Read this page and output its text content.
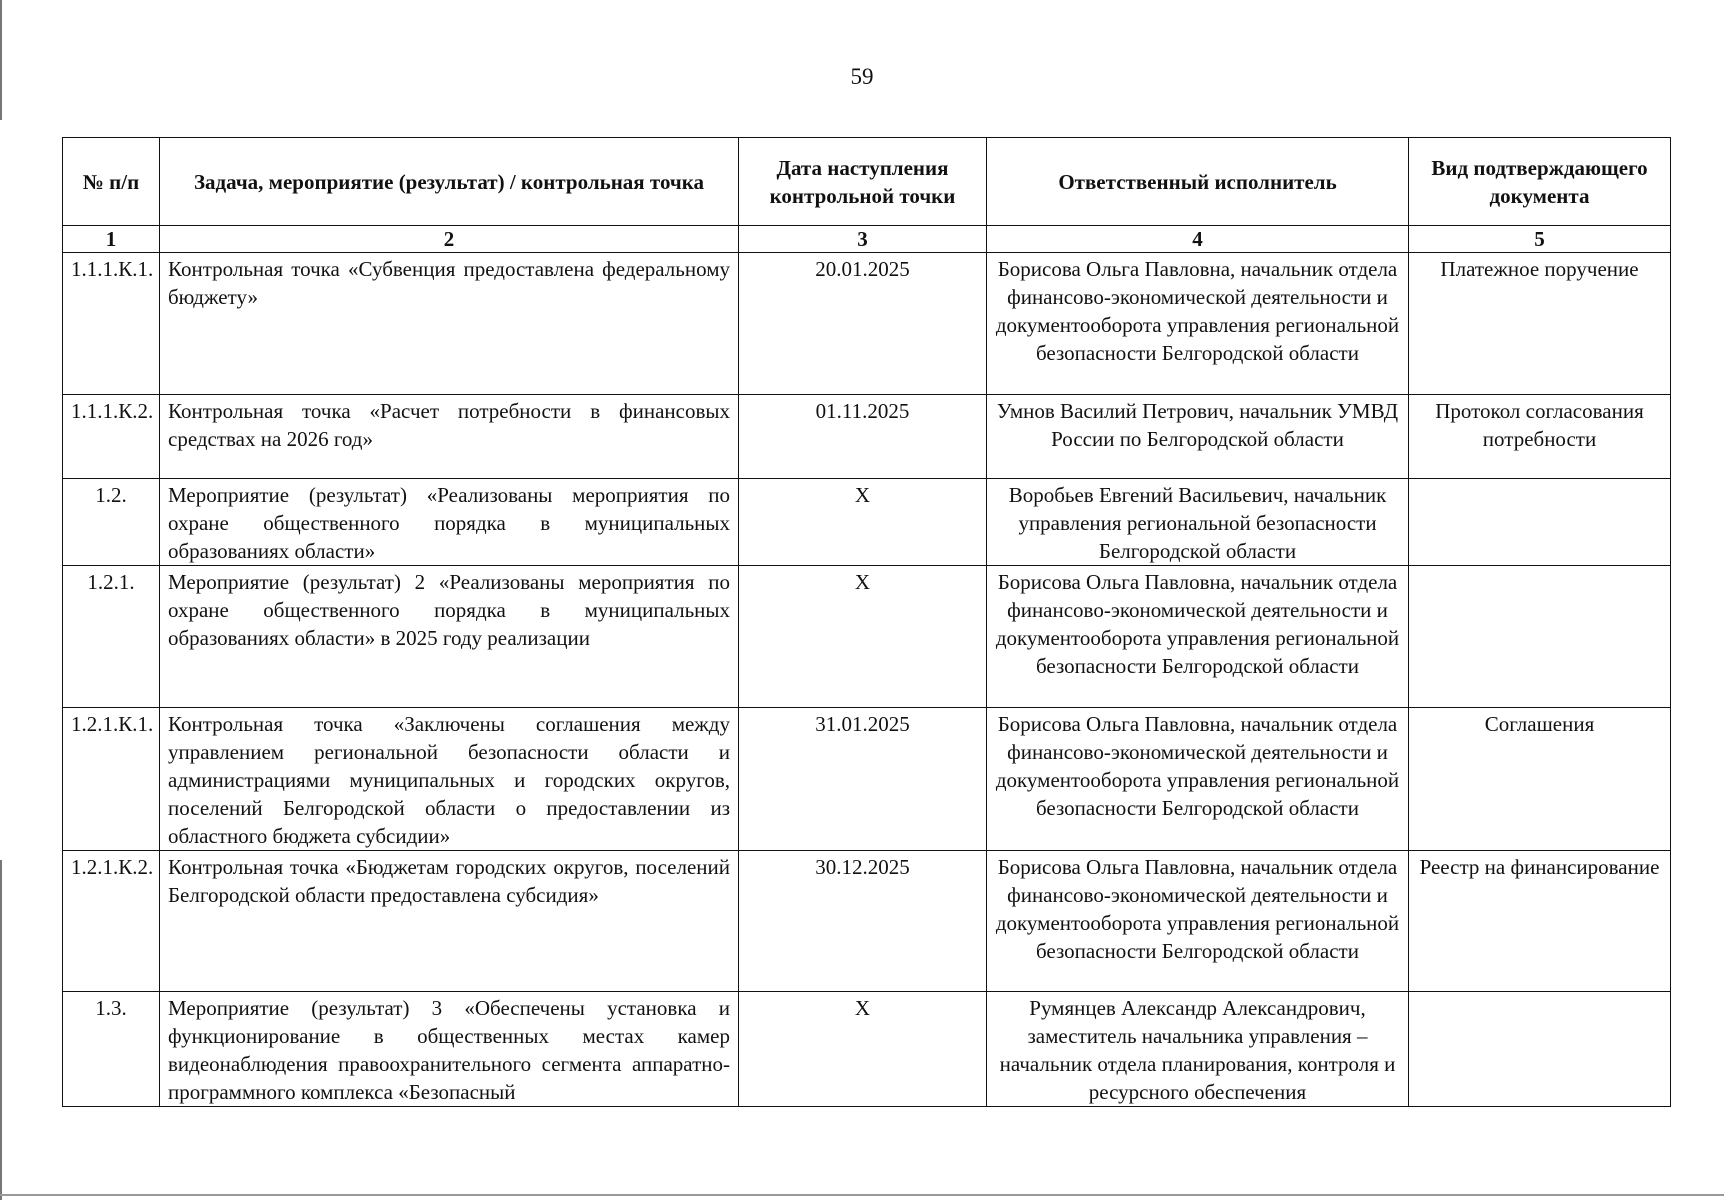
59
№ п/п	Задача, мероприятие (результат) / контрольная точка	Дата наступления контрольной точки	Ответственный исполнитель	Вид подтверждающего документа
1	2	3	4	5
1.1.1.К.1.	Контрольная точка «Субвенция предоставлена федеральному бюджету»	20.01.2025	Борисова Ольга Павловна, начальник отдела финансово-экономической деятельности и документооборота управления региональной безопасности Белгородской области	Платежное поручение
1.1.1.К.2.	Контрольная точка «Расчет потребности в финансовых средствах на 2026 год»	01.11.2025	Умнов Василий Петрович, начальник УМВД России по Белгородской области	Протокол согласования потребности
1.2.	Мероприятие (результат) «Реализованы мероприятия по охране общественного порядка в муниципальных образованиях области»	Х	Воробьев Евгений Васильевич, начальник управления региональной безопасности Белгородской области	
1.2.1.	Мероприятие (результат) 2 «Реализованы мероприятия по охране общественного порядка в муниципальных образованиях области» в 2025 году реализации	Х	Борисова Ольга Павловна, начальник отдела финансово-экономической деятельности и документооборота управления региональной безопасности Белгородской области	
1.2.1.К.1.	Контрольная точка «Заключены соглашения между управлением региональной безопасности области и администрациями муниципальных и городских округов, поселений Белгородской области о предоставлении из областного бюджета субсидии»	31.01.2025	Борисова Ольга Павловна, начальник отдела финансово-экономической деятельности и документооборота управления региональной безопасности Белгородской области	Соглашения
1.2.1.К.2.	Контрольная точка «Бюджетам городских округов, поселений Белгородской области предоставлена субсидия»	30.12.2025	Борисова Ольга Павловна, начальник отдела финансово-экономической деятельности и документооборота управления региональной безопасности Белгородской области	Реестр на финансирование
1.3.	Мероприятие (результат) 3 «Обеспечены установка и функционирование в общественных местах камер видеонаблюдения правоохранительного сегмента аппаратно-программного комплекса «Безопасный	Х	Румянцев Александр Александрович, заместитель начальника управления – начальник отдела планирования, контроля и ресурсного обеспечения	
